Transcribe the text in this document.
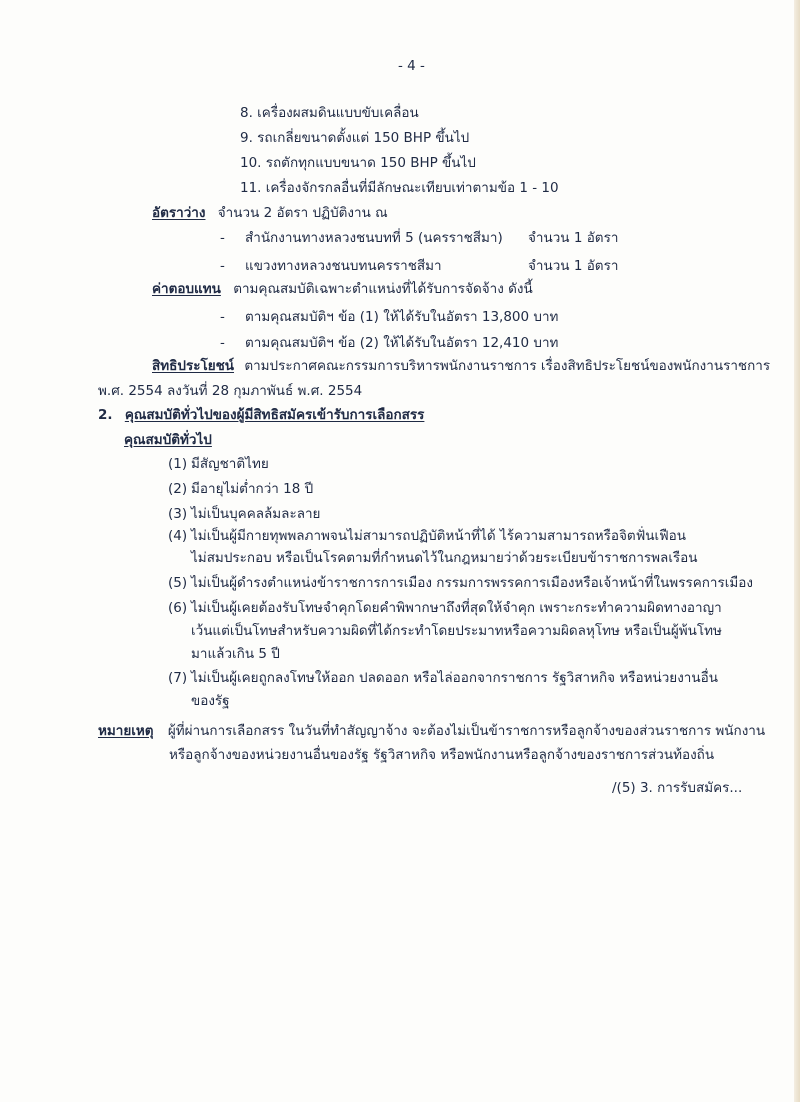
- 4 -
8. เครื่องผสมดินแบบขับเคลื่อน
9. รถเกลี่ยขนาดตั้งแต่ 150 BHP ขึ้นไป
10. รถตักทุกแบบขนาด 150 BHP ขึ้นไป
11. เครื่องจักรกลอื่นที่มีลักษณะเทียบเท่าตามข้อ 1 - 10
อัตราว่าง จำนวน 2 อัตรา ปฏิบัติงาน ณ
- สำนักงานทางหลวงชนบทที่ 5 (นครราชสีมา) จำนวน 1 อัตรา
- แขวงทางหลวงชนบทนครราชสีมา	จำนวน 1 อัตรา
ค่าตอบแทน ตามคุณสมบัติเฉพาะตำแหน่งที่ได้รับการจัดจ้าง ดังนี้
- ตามคุณสมบัติฯ ข้อ (1) ให้ได้รับในอัตรา 13,800 บาท
- ตามคุณสมบัติฯ ข้อ (2) ให้ได้รับในอัตรา 12,410 บาท
สิทธิประโยชน์ ตามประกาศคณะกรรมการบริหารพนักงานราชการ เรื่องสิทธิประโยชน์ของพนักงานราชการ
พ.ศ. 2554 ลงวันที่ 28 กุมภาพันธ์ พ.ศ. 2554
2. คุณสมบัติทั่วไปของผู้มีสิทธิสมัครเข้ารับการเลือกสรร
คุณสมบัติทั่วไป
(1) มีสัญชาติไทย
(2) มีอายุไม่ต่ำกว่า 18 ปี
(3) ไม่เป็นบุคคลล้มละลาย
(4) ไม่เป็นผู้มีกายทุพพลภาพจนไม่สามารถปฏิบัติหน้าที่ได้ ไร้ความสามารถหรือจิตฟั่นเฟือน
ไม่สมประกอบ หรือเป็นโรคตามที่กำหนดไว้ในกฎหมายว่าด้วยระเบียบข้าราชการพลเรือน
(5) ไม่เป็นผู้ดำรงตำแหน่งข้าราชการการเมือง กรรมการพรรคการเมืองหรือเจ้าหน้าที่ในพรรคการเมือง
(6) ไม่เป็นผู้เคยต้องรับโทษจำคุกโดยคำพิพากษาถึงที่สุดให้จำคุก เพราะกระทำความผิดทางอาญา
เว้นแต่เป็นโทษสำหรับความผิดที่ได้กระทำโดยประมาทหรือความผิดลหุโทษ หรือเป็นผู้พ้นโทษ
มาแล้วเกิน 5 ปี
(7) ไม่เป็นผู้เคยถูกลงโทษให้ออก ปลดออก หรือไล่ออกจากราชการ รัฐวิสาหกิจ หรือหน่วยงานอื่น
ของรัฐ
หมายเหตุ ผู้ที่ผ่านการเลือกสรร ในวันที่ทำสัญญาจ้าง จะต้องไม่เป็นข้าราชการหรือลูกจ้างของส่วนราชการ พนักงาน
หรือลูกจ้างของหน่วยงานอื่นของรัฐ รัฐวิสาหกิจ หรือพนักงานหรือลูกจ้างของราชการส่วนท้องถิ่น
/(5) 3. การรับสมัคร...
